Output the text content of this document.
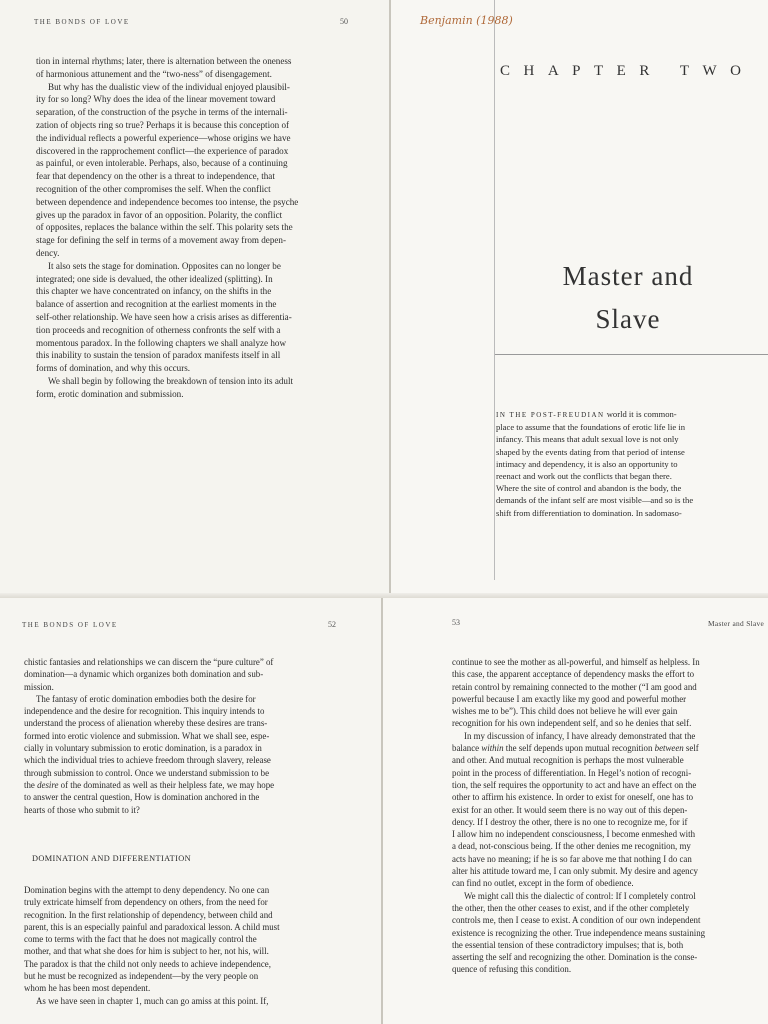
THE BONDS OF LOVE	50

tion in internal rhythms; later, there is alternation between the oneness

of harmonious attunement and the “two-ness” of disengagement.

But why has the dualistic view of the individual enjoyed plausibil-

ity for so long? Why does the idea of the linear movement toward

separation, of the construction of the psyche in terms of the internali-

zation of objects ring so true? Perhaps it is because this conception of

the individual reflects a powerful experience—whose origins we have

discovered in the rapprochement conflict—the experience of paradox

as painful, or even intolerable. Perhaps, also, because of a continuing

fear that dependency on the other is a threat to independence, that

recognition of the other compromises the self. When the conflict

between dependence and independence becomes too intense, the psyche

gives up the paradox in favor of an opposition. Polarity, the conflict

of opposites, replaces the balance within the self. This polarity sets the

stage for defining the self in terms of a movement away from depen-

dency.

It also sets the stage for domination. Opposites can no longer be

integrated; one side is devalued, the other idealized (splitting). In

this chapter we have concentrated on infancy, on the shifts in the

balance of assertion and recognition at the earliest moments in the

self-other relationship. We have seen how a crisis arises as differentia-

tion proceeds and recognition of otherness confronts the self with a

momentous paradox. In the following chapters we shall analyze how

this inability to sustain the tension of paradox manifests itself in all

forms of domination, and why this occurs.

We shall begin by following the breakdown of tension into its adult

form, erotic domination and submission.

Benjamin (1988)
CHAPTER TWO
Master and
Slave

IN THE POST-FREUDIAN world it is common-

place to assume that the foundations of erotic life lie in

infancy. This means that adult sexual love is not only

shaped by the events dating from that period of intense

intimacy and dependency, it is also an opportunity to

reenact and work out the conflicts that began there.

Where the site of control and abandon is the body, the

demands of the infant self are most visible—and so is the

shift from differentiation to domination. In sadomaso-

THE BONDS OF LOVE	52

chistic fantasies and relationships we can discern the “pure culture” of

domination—a dynamic which organizes both domination and sub-

mission.

The fantasy of erotic domination embodies both the desire for

independence and the desire for recognition. This inquiry intends to

understand the process of alienation whereby these desires are trans-

formed into erotic violence and submission. What we shall see, espe-

cially in voluntary submission to erotic domination, is a paradox in

which the individual tries to achieve freedom through slavery, release

through submission to control. Once we understand submission to be

the desire of the dominated as well as their helpless fate, we may hope

to answer the central question, How is domination anchored in the

hearts of those who submit to it?

DOMINATION AND DIFFERENTIATION

Domination begins with the attempt to deny dependency. No one can

truly extricate himself from dependency on others, from the need for

recognition. In the first relationship of dependency, between child and

parent, this is an especially painful and paradoxical lesson. A child must

come to terms with the fact that he does not magically control the

mother, and that what she does for him is subject to her, not his, will.

The paradox is that the child not only needs to achieve independence,

but he must be recognized as independent—by the very people on

whom he has been most dependent.

As we have seen in chapter 1, much can go amiss at this point. If,

53	Master and Slave

continue to see the mother as all-powerful, and himself as helpless. In

this case, the apparent acceptance of dependency masks the effort to

retain control by remaining connected to the mother (“I am good and

powerful because I am exactly like my good and powerful mother

wishes me to be”). This child does not believe he will ever gain

recognition for his own independent self, and so he denies that self.

In my discussion of infancy, I have already demonstrated that the

balance within the self depends upon mutual recognition between self

and other. And mutual recognition is perhaps the most vulnerable

point in the process of differentiation. In Hegel’s notion of recogni-

tion, the self requires the opportunity to act and have an effect on the

other to affirm his existence. In order to exist for oneself, one has to

exist for an other. It would seem there is no way out of this depen-

dency. If I destroy the other, there is no one to recognize me, for if

I allow him no independent consciousness, I become enmeshed with

a dead, not-conscious being. If the other denies me recognition, my

acts have no meaning; if he is so far above me that nothing I do can

alter his attitude toward me, I can only submit. My desire and agency

can find no outlet, except in the form of obedience.

We might call this the dialectic of control: If I completely control

the other, then the other ceases to exist, and if the other completely

controls me, then I cease to exist. A condition of our own independent

existence is recognizing the other. True independence means sustaining

the essential tension of these contradictory impulses; that is, both

asserting the self and recognizing the other. Domination is the conse-

quence of refusing this condition.
